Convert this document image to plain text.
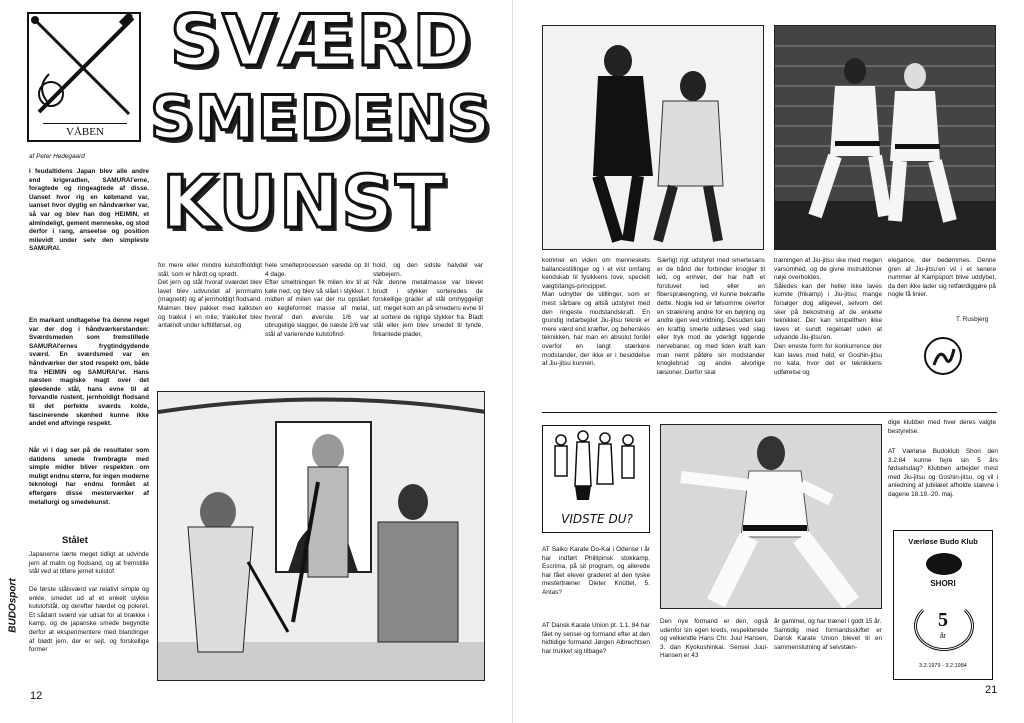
VÅBEN
SVÆRD
SMEDENS
KUNST
BUDOsport
af Peter Hedegaard
I feudaltidens Japan blev alle andre end krigeradlen, SAMURAI'erne, foragtede og ringeagtede af disse. Uanset hvor rig en købmand var, uanset hvor dygtig en håndværker var, så var og blev han dog HEIMIN, et almindeligt, gement menneske, og stod derfor i rang, anseelse og position milevidt under selv den simpleste SAMURAI.
En markant undtagelse fra denne regel var der dog i håndværkerstanden: Sværdsmeden som fremstillede SAMURAI'ernes frygtindgydende sværd. En sværdsmed var en håndværker der stod respekt om, både fra HEIMIN og SAMURAI'er. Hans næsten magiske magt over det gløedende stål, hans evne til at forvandle rustent, jernholdigt flodsand til det perfekte sværds kolde, fascinerende skønhed kunne ikke andet end aftvinge respekt.
Når vi i dag ser på de resultater som datidens smede frembragte med simple midler bliver respekten om muligt endnu større, for ingen moderne teknologi har endnu formået at eftergøre disse mesterværker af metallurgi og smedekunst.
Stålet
Japanerne lærte meget tidligt at udvinde jern af malm og flodsand, og at fremstille stål ved at tilføre jernet kulstof.
De første stålsværd var relativt simple og enkle, smedet ud af et enkelt stykke kulstofstål, og derefter hærdet og poleret. Et sådant sværd var udsat for at brække i kamp, og de japanske smede begyndte derfor at eksperimentere med blandinger af blødt jern, der er sejt, og forskellige former
for mere eller mindre kulstofholdigt stål, som er hårdt og sprødt.
Det jern og stål hvoraf sværdet blev lavet blev udvundet af jernmalm (magnetit) og af jernholdigt flodsand. Malmen blev pakket med kalksten og trækul i en mile; trækullet blev antændt under lufttilførsel, og
hele smelteprocessen varede op til 4 dage.
Efter smeltningen fik milen lov til at køle ned, og blev så slået i stykker. I midten af milen var der nu opstået en kegleformet masse af metal, hvoraf den øverste 1/6 var ubrugelige slagger, de næste 2/6 var stål af varierende kulstofind-
hold, og den sidste halvdel var støbejern.
Når denne metalmasse var blevet brudt i stykker sorteredes de forskellige grader af stål omhyggeligt ud; meget kom an på smedens evne til at sortere de rigtige stykker fra. Bladt stål eller jern blev smedet til tynde, firkantede plader,
12
kommer en viden om menneskets ballancestillinger og i et vist omfang kendskab til fysikkens love, specielt vægtstangs-princippet.
Man udnytter de stillinger, som er mest sårbare og altså udstyret med den ringeste modstandskraft. En grundig indarbejdet Jiu-jitsu teknik er mere værd end kræfter, og beherskes teknikken, har man en absolut fordel overfor en langt stærkere modstander, der ikke er i besiddelse af Jiu-jitsu kunnen.
Særligt rigt udstyret med smertesans er de bånd der forbinder knogler til led, og enhver, der har haft et forstuvet led eller en fiberspræengning, vil kunne bekræfte dette. Nogle led er følsomme overfor en strækning andre for en bøjning og andre igen ved vridning. Desuden kan en kraftig smerte udløses ved slag eller tryk mod de yderligt liggende nervebaner, og med liden kraft kan man nemt påføre sin modstander knoglebrud og andre alvorlige læsioner. Derfor skal
træningen af Jiu-jitsu ske med megen varsomhed, og de givne instruktioner nøje overholdes.
Således kan der heller ikke laves kumite (frikamp) i Jiu-jitsu; mange forsøger dog alligevel, selvom det sker på bekostning af de enkelte teknikker. Der kan simpelthen ikke laves et sundt regelsæt uden at udvande Jiu-jitsu'en.
Den eneste form for konkurrence der kan laves med held, er Goshin-jitsu no kata, hvor det er teknikkens udførelse og
elegance, der bedømmes. Denne gren af Jiu-jitsu'en vil i et senere nummer af Kampsport blive uddybet, da den ikke lader sig retfærdiggøre på nogle få linier.
T. Rusbjerg
VIDSTE DU?
AT Saiko Karate Do-Kai i Odense i år har indført Phillipinsk stokkamp, Escrima, på sit program, og allerede har fået elever graderet af den tyske mestertræner Dieter Knüttel, 5. Antas?
AT Dansk Karate Union pt. 1.1. 84 har fået ny sensei og formand efter at den hidtidige formand Jørgen Albrechtsen har trukket sig tilbage?
Den nye formand er den, også udenfor sin egen kreds, respekterede og velkendte Hans Chr. Juul Hansen, 3. dan Kyokushinkai. Sensei Juul-Hansen er 43
år gammel, og har trænet i godt 15 år.
Samtidig med formandsskiftet er Dansk Karate Union blevet til en sammenslutning af selvstæn-
dige klubber med hver deres valgte bestyrelse.
AT Værløse Budoklub Shori den 3.2.84 kunne fejre sin 5 års fødselsdag? Klubben arbejder mest med Jiu-jitsu og Goshin-jitsu, og vil i anledning af jubilæet afholde stævne i dagene 18.19.-20. maj.
Værløse Budo Klub
SHORI
5
år
3.2.1979 - 3.2.1984
21
